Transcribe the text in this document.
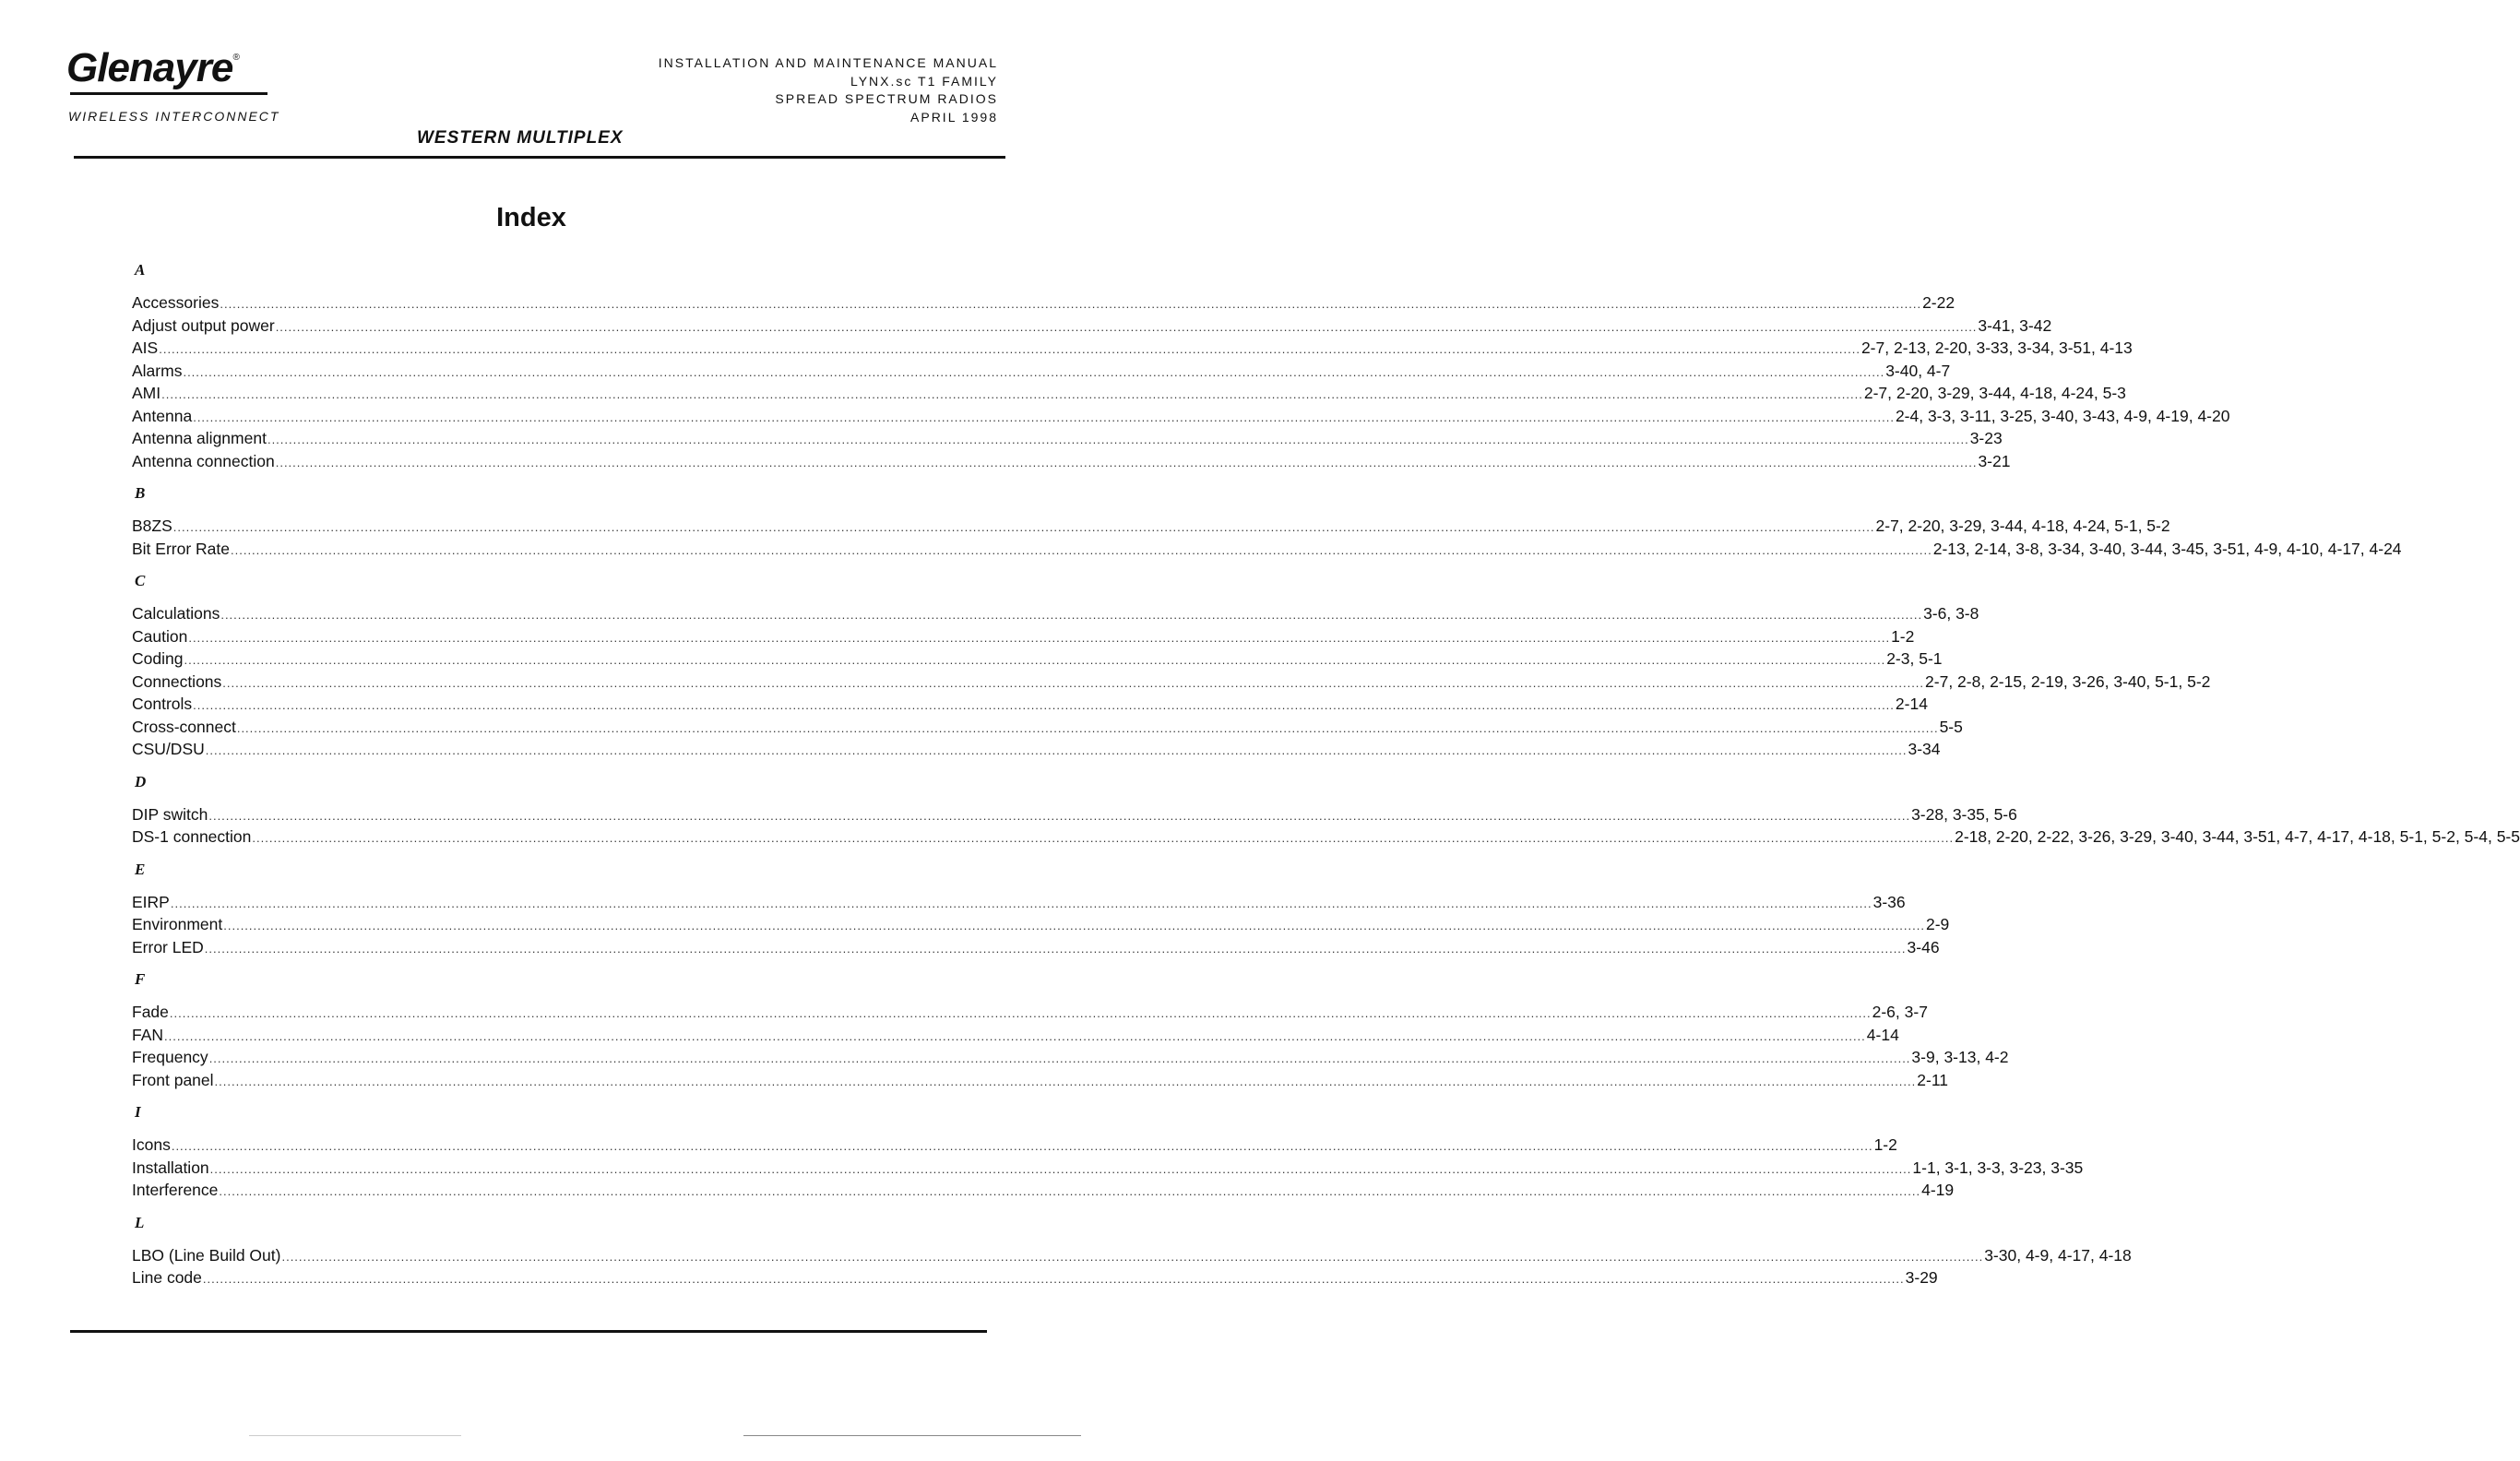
Glenayre®
WIRELESS INTERCONNECT
INSTALLATION AND MAINTENANCE MANUAL
LYNX.sc T1 FAMILY
SPREAD SPECTRUM RADIOS
APRIL 1998
WESTERN MULTIPLEX
Index
A
Accessories ................................................................................................................................................................................................................................................................................................................................................................................................................ 2-22
Adjust output power ................................................................................................................................................................................................................................................................................................................................................................................................................ 3-41, 3-42
AIS ................................................................................................................................................................................................................................................................................................................................................................................................................ 2-7, 2-13, 2-20, 3-33, 3-34, 3-51, 4-13
Alarms ................................................................................................................................................................................................................................................................................................................................................................................................................ 3-40, 4-7
AMI ................................................................................................................................................................................................................................................................................................................................................................................................................ 2-7, 2-20, 3-29, 3-44, 4-18, 4-24, 5-3
Antenna ................................................................................................................................................................................................................................................................................................................................................................................................................ 2-4, 3-3, 3-11, 3-25, 3-40, 3-43, 4-9, 4-19, 4-20
Antenna alignment ................................................................................................................................................................................................................................................................................................................................................................................................................ 3-23
Antenna connection ................................................................................................................................................................................................................................................................................................................................................................................................................ 3-21
B
B8ZS ................................................................................................................................................................................................................................................................................................................................................................................................................ 2-7, 2-20, 3-29, 3-44, 4-18, 4-24, 5-1, 5-2
Bit Error Rate ................................................................................................................................................................................................................................................................................................................................................................................................................ 2-13, 2-14, 3-8, 3-34, 3-40, 3-44, 3-45, 3-51, 4-9, 4-10, 4-17, 4-24
C
Calculations ................................................................................................................................................................................................................................................................................................................................................................................................................ 3-6, 3-8
Caution ................................................................................................................................................................................................................................................................................................................................................................................................................ 1-2
Coding ................................................................................................................................................................................................................................................................................................................................................................................................................ 2-3, 5-1
Connections ................................................................................................................................................................................................................................................................................................................................................................................................................ 2-7, 2-8, 2-15, 2-19, 3-26, 3-40, 5-1, 5-2
Controls ................................................................................................................................................................................................................................................................................................................................................................................................................ 2-14
Cross-connect ................................................................................................................................................................................................................................................................................................................................................................................................................ 5-5
CSU/DSU ................................................................................................................................................................................................................................................................................................................................................................................................................ 3-34
D
DIP switch ................................................................................................................................................................................................................................................................................................................................................................................................................ 3-28, 3-35, 5-6
DS-1 connection ................................................................................................................................................................................................................................................................................................................................................................................................................ 2-18, 2-20, 2-22, 3-26, 3-29, 3-40, 3-44, 3-51, 4-7, 4-17, 4-18, 5-1, 5-2, 5-4, 5-5
E
EIRP ................................................................................................................................................................................................................................................................................................................................................................................................................ 3-36
Environment ................................................................................................................................................................................................................................................................................................................................................................................................................ 2-9
Error LED ................................................................................................................................................................................................................................................................................................................................................................................................................ 3-46
F
Fade ................................................................................................................................................................................................................................................................................................................................................................................................................ 2-6, 3-7
FAN ................................................................................................................................................................................................................................................................................................................................................................................................................ 4-14
Frequency ................................................................................................................................................................................................................................................................................................................................................................................................................ 3-9, 3-13, 4-2
Front panel ................................................................................................................................................................................................................................................................................................................................................................................................................ 2-11
I
Icons ................................................................................................................................................................................................................................................................................................................................................................................................................ 1-2
Installation ................................................................................................................................................................................................................................................................................................................................................................................................................ 1-1, 3-1, 3-3, 3-23, 3-35
Interference ................................................................................................................................................................................................................................................................................................................................................................................................................ 4-19
L
LBO (Line Build Out) ................................................................................................................................................................................................................................................................................................................................................................................................................ 3-30, 4-9, 4-17, 4-18
Line code ................................................................................................................................................................................................................................................................................................................................................................................................................ 3-29
